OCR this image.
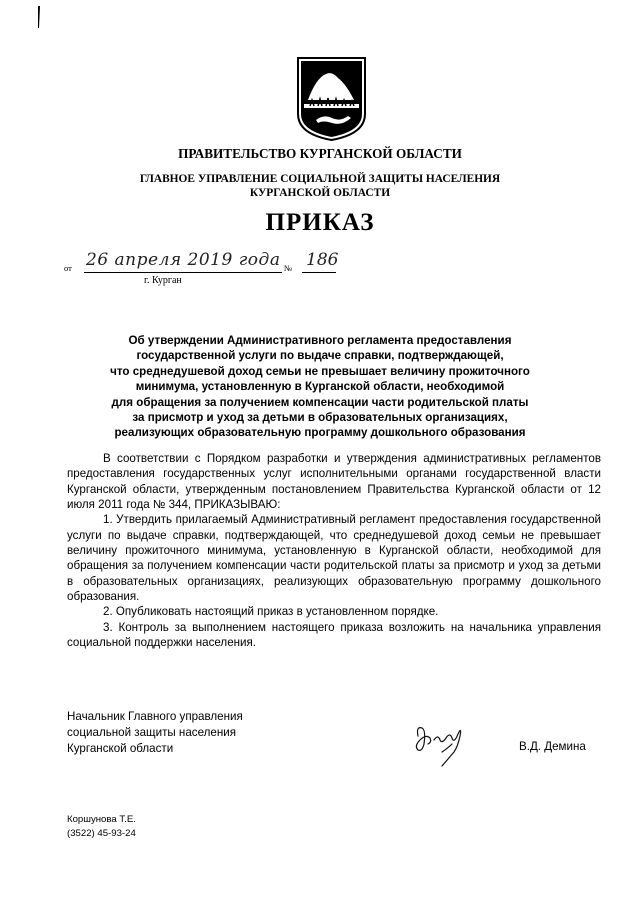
ПРАВИТЕЛЬСТВО КУРГАНСКОЙ ОБЛАСТИ
ГЛАВНОЕ УПРАВЛЕНИЕ СОЦИАЛЬНОЙ ЗАЩИТЫ НАСЕЛЕНИЯ
КУРГАНСКОЙ ОБЛАСТИ
ПРИКАЗ
от 26 апреля 2019 года № 186
г. Курган
Об утверждении Административного регламента предоставления
государственной услуги по выдаче справки, подтверждающей,
что среднедушевой доход семьи не превышает величину прожиточного
минимума, установленную в Курганской области, необходимой
для обращения за получением компенсации части родительской платы
за присмотр и уход за детьми в образовательных организациях,
реализующих образовательную программу дошкольного образования

В соответствии с Порядком разработки и утверждения административных регламентов предоставления государственных услуг исполнительными органами государственной власти Курганской области, утвержденным постановлением Правительства Курганской области от 12 июля 2011 года № 344, ПРИКАЗЫВАЮ:

1. Утвердить прилагаемый Административный регламент предоставления государственной услуги по выдаче справки, подтверждающей, что среднедушевой доход семьи не превышает величину прожиточного минимума, установленную в Курганской области, необходимой для обращения за получением компенсации части родительской платы за присмотр и уход за детьми в образовательных организациях, реализующих образовательную программу дошкольного образования.

2. Опубликовать настоящий приказ в установленном порядке.

3. Контроль за выполнением настоящего приказа возложить на начальника управления социальной поддержки населения.

Начальник Главного управления
социальной защиты населения
Курганской области	В.Д. Демина
Коршунова Т.Е.
(3522) 45-93-24
